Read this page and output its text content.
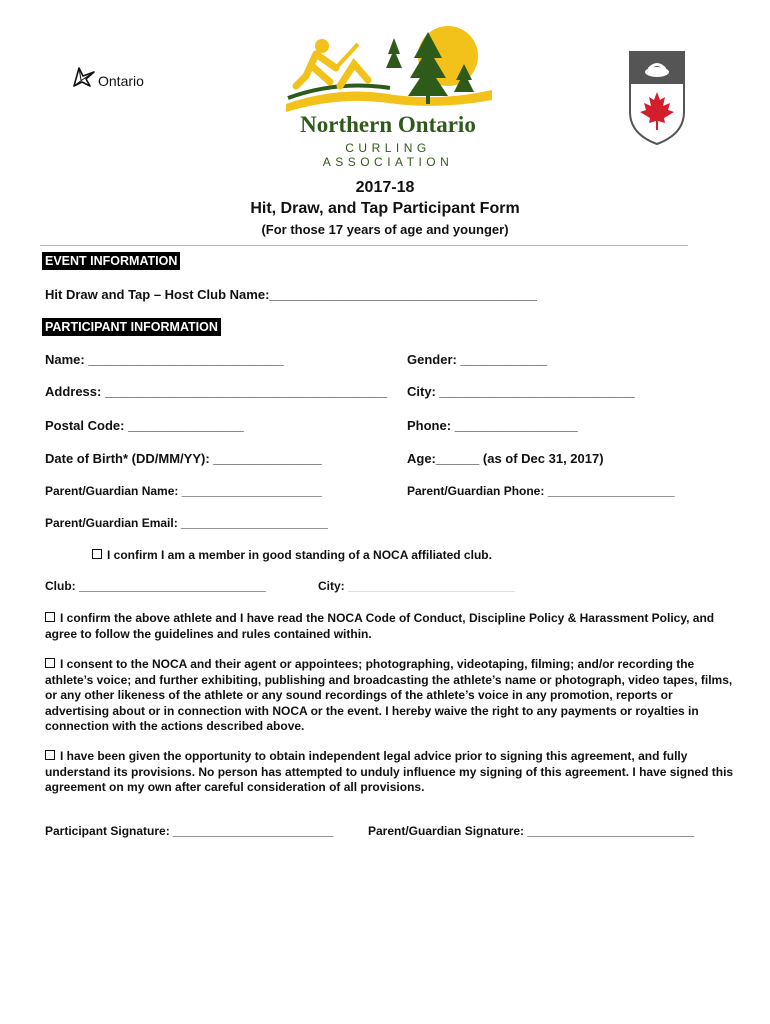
Ontario
Northern Ontario
CURLING ASSOCIATION
2017-18
Hit, Draw, and Tap Participant Form
(For those 17 years of age and younger)
EVENT INFORMATION
Hit Draw and Tap – Host Club Name:_____________________________________
PARTICIPANT INFORMATION
Name: ___________________________	Gender: ____________
Address: _______________________________________ City: ___________________________
Postal Code: ________________	Phone: _________________
Date of Birth* (DD/MM/YY): _______________	Age:______ (as of Dec 31, 2017)
Parent/Guardian Name: _____________________	Parent/Guardian Phone: ___________________
Parent/Guardian Email: ______________________
I confirm I am a member in good standing of a NOCA affiliated club.
Club: ____________________________	City: _________________________
I confirm the above athlete and I have read the NOCA Code of Conduct, Discipline Policy & Harassment Policy, and agree to follow the guidelines and rules contained within.
I consent to the NOCA and their agent or appointees; photographing, videotaping, filming; and/or recording the athlete’s voice; and further exhibiting, publishing and broadcasting the athlete’s name or photograph, video tapes, films, or any other likeness of the athlete or any sound recordings of the athlete’s voice in any promotion, reports or advertising about or in connection with NOCA or the event. I hereby waive the right to any payments or royalties in connection with the actions described above.
I have been given the opportunity to obtain independent legal advice prior to signing this agreement, and fully understand its provisions. No person has attempted to unduly influence my signing of this agreement. I have signed this agreement on my own after careful consideration of all provisions.
Participant Signature: ________________________	Parent/Guardian Signature: _________________________
